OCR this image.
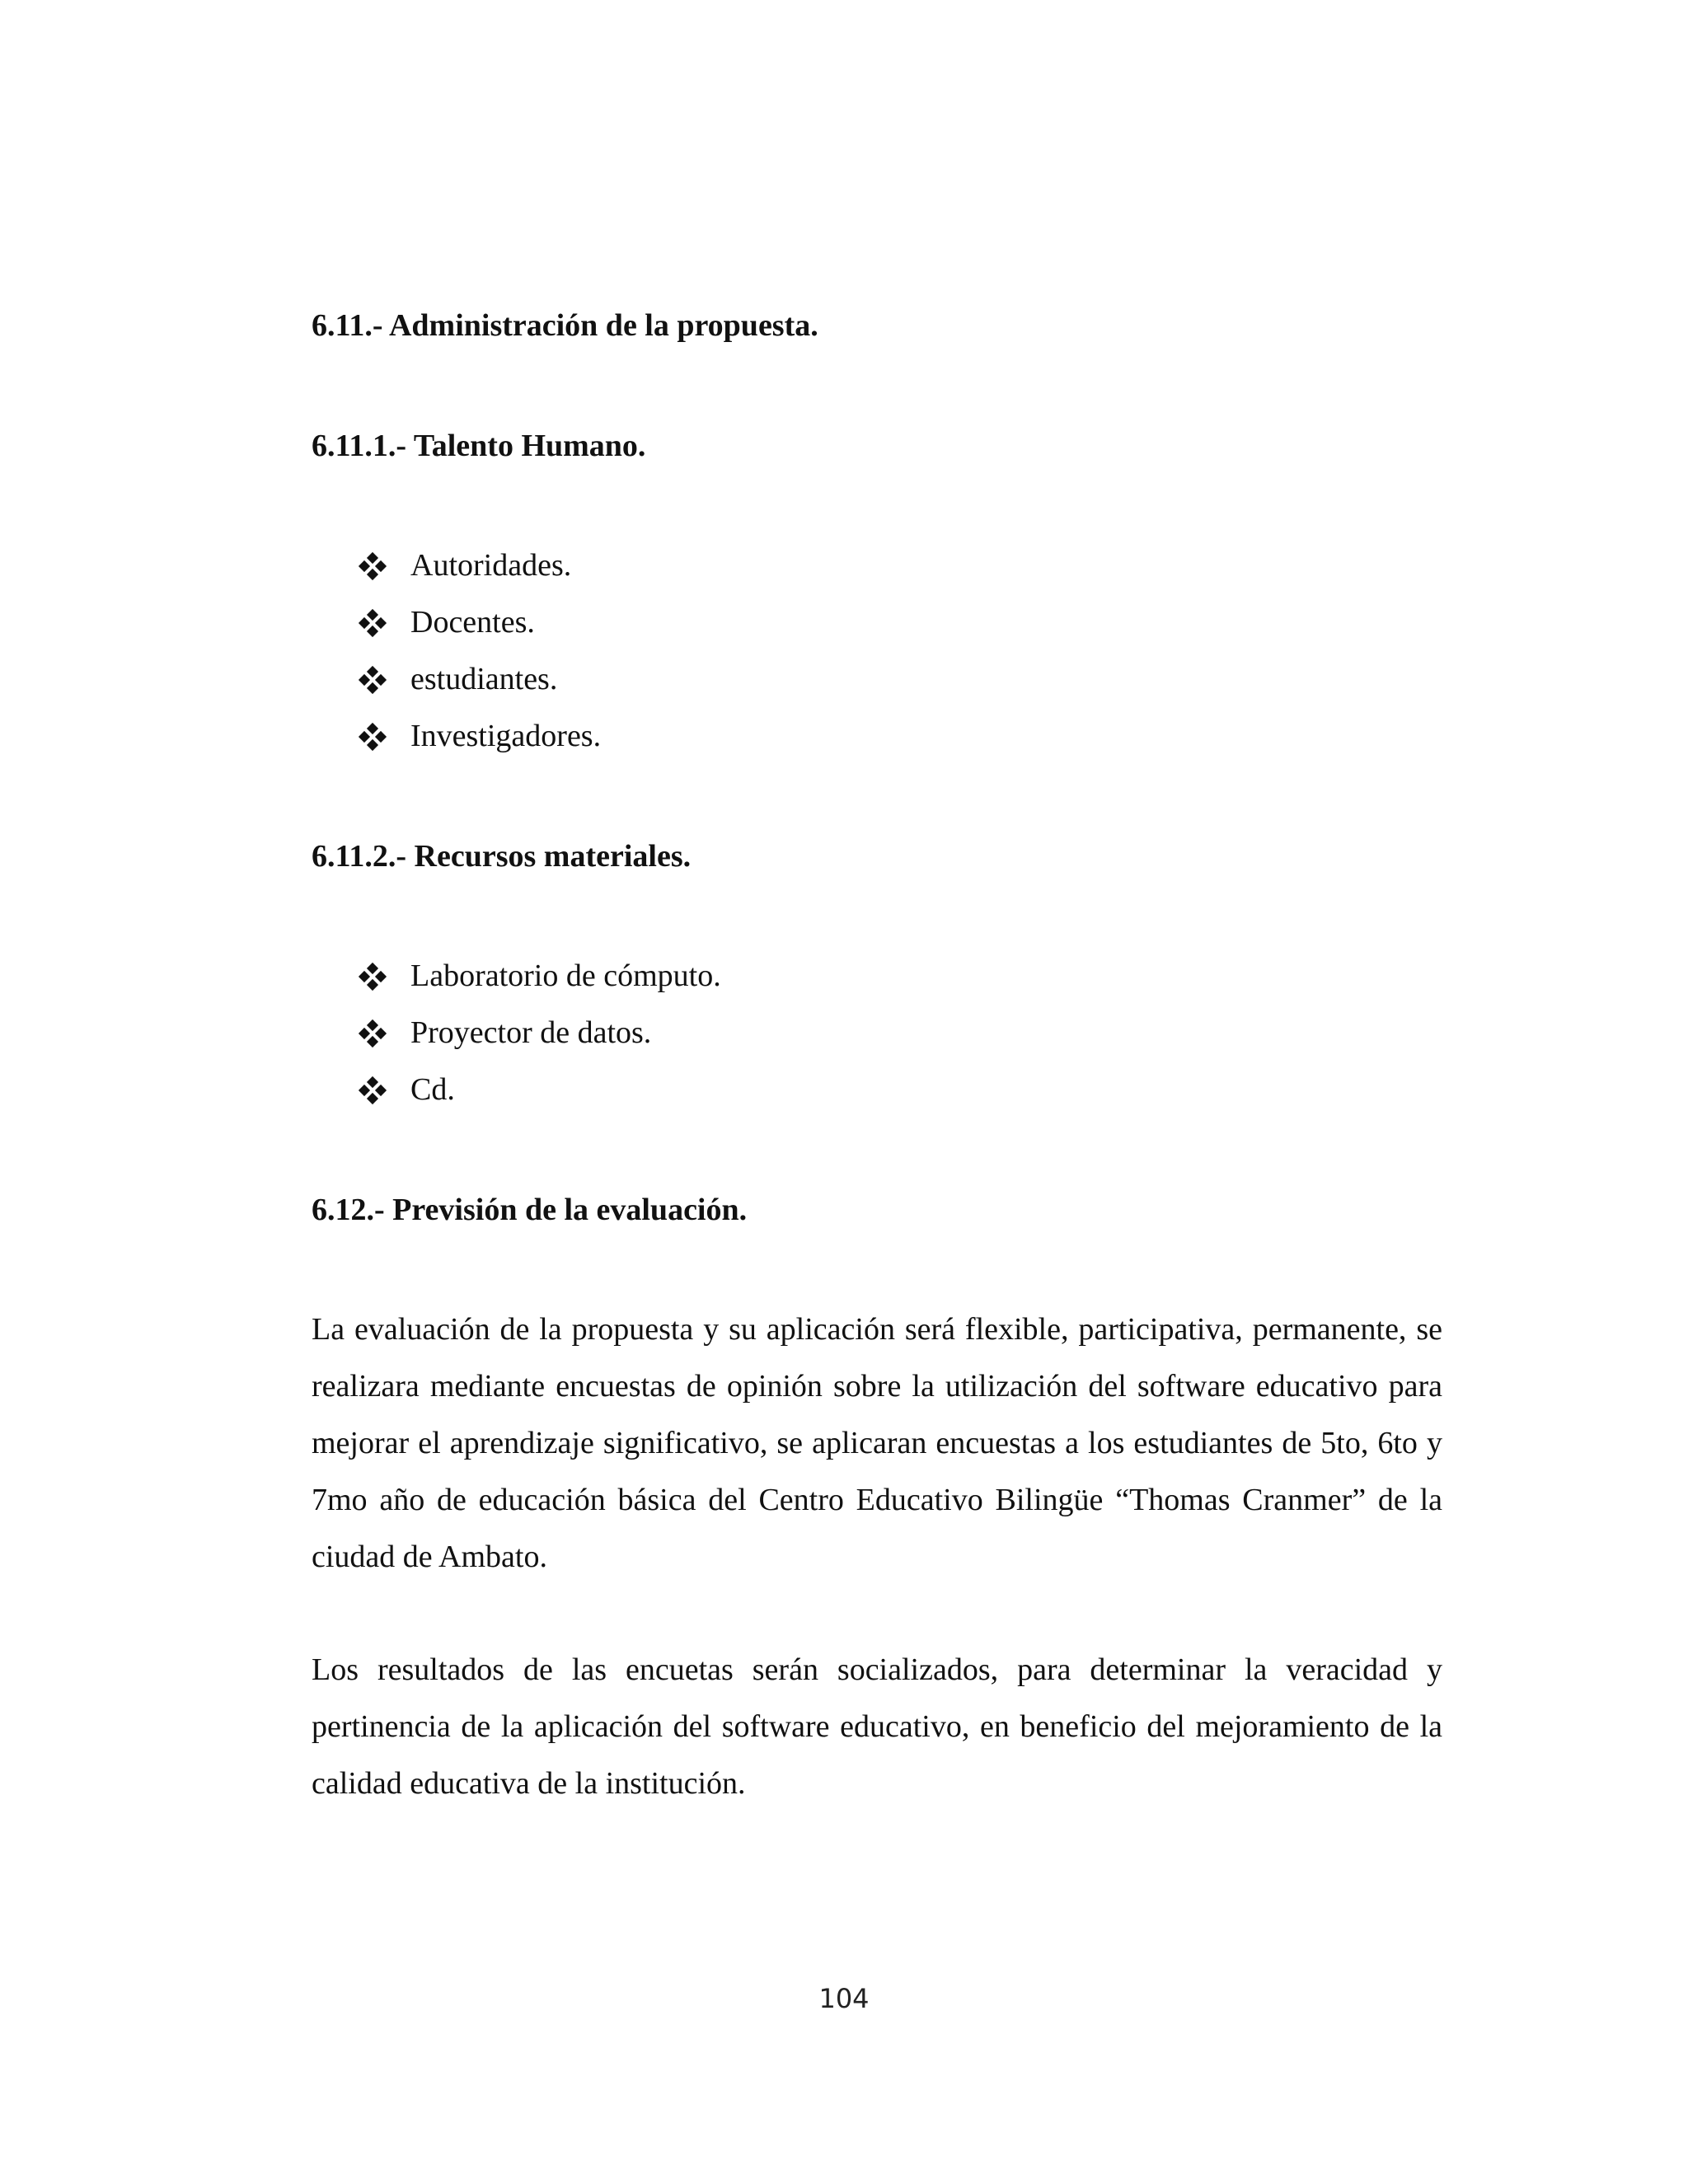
6.11.- Administración de la propuesta.
6.11.1.- Talento Humano.
Autoridades.
Docentes.
estudiantes.
Investigadores.
6.11.2.- Recursos materiales.
Laboratorio de cómputo.
Proyector de datos.
Cd.
6.12.- Previsión de la evaluación.

La evaluación de la propuesta y su aplicación será flexible, participativa, permanente, se realizara mediante encuestas de opinión sobre la utilización del software educativo para mejorar el aprendizaje significativo, se aplicaran encuestas a los estudiantes de 5to, 6to y 7mo año de educación básica del Centro Educativo Bilingüe “Thomas Cranmer” de la ciudad de Ambato.

Los resultados de las encuetas serán socializados, para determinar la veracidad y pertinencia de la aplicación del software educativo, en beneficio del mejoramiento de la calidad educativa de la institución.

104
